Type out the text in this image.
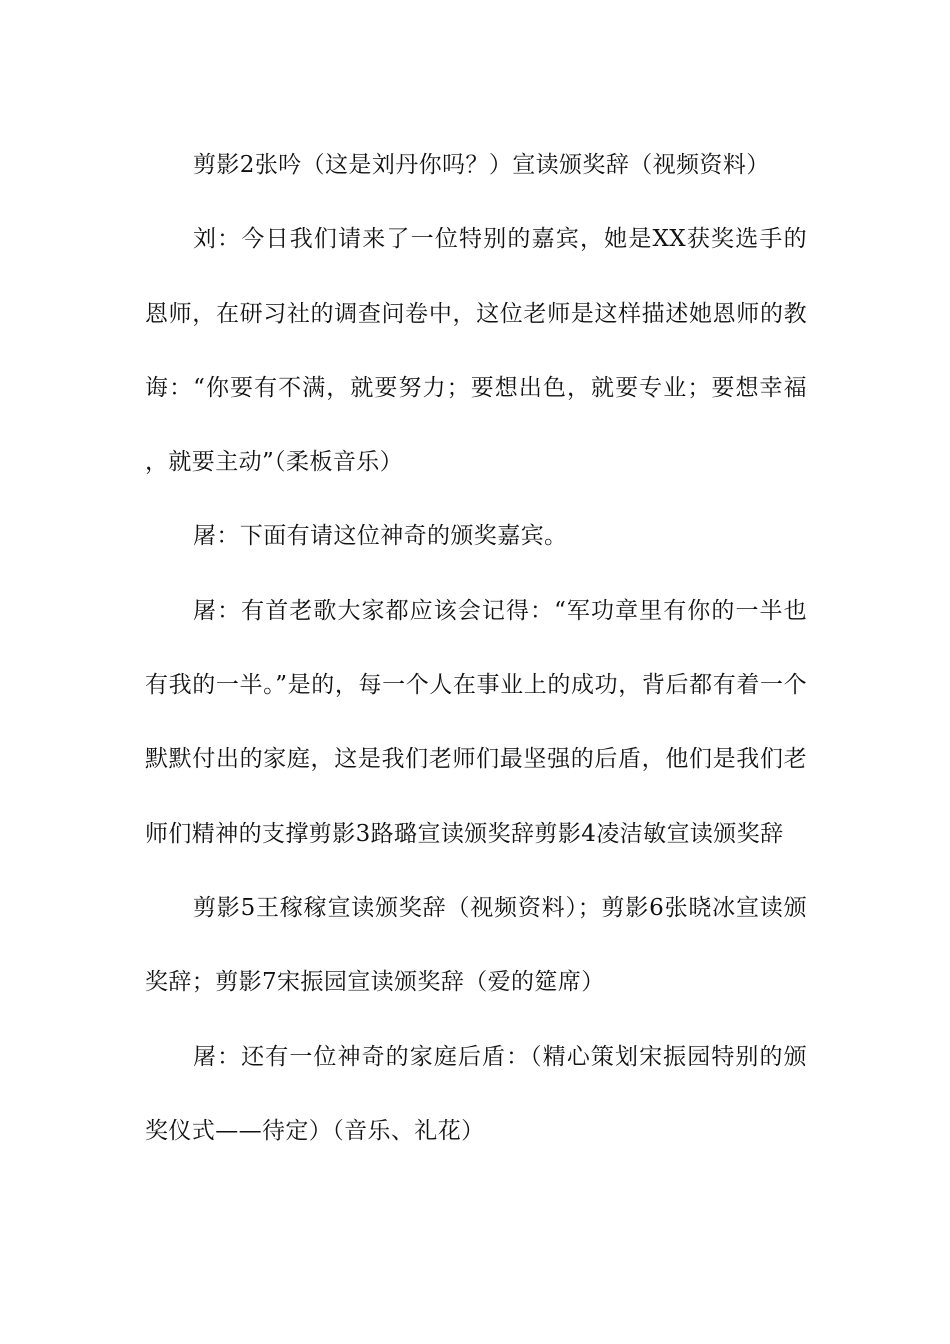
剪影2张吟（这是刘丹你吗？）宣读颁奖辞（视频资料）

刘：今日我们请来了一位特别的嘉宾，她是XX获奖选手的恩师，在研习社的调查问卷中，这位老师是这样描述她恩师的教诲：“你要有不满，就要努力；要想出色，就要专业；要想幸福，就要主动”（柔板音乐）

屠：下面有请这位神奇的颁奖嘉宾。

屠：有首老歌大家都应该会记得：“军功章里有你的一半也有我的一半。”是的，每一个人在事业上的成功，背后都有着一个默默付出的家庭，这是我们老师们最坚强的后盾，他们是我们老师们精神的支撑剪影3路璐宣读颁奖辞剪影4凌洁敏宣读颁奖辞

剪影5王稼稼宣读颁奖辞（视频资料）；剪影6张晓冰宣读颁奖辞；剪影7宋振园宣读颁奖辞（爱的筵席）

屠：还有一位神奇的家庭后盾：（精心策划宋振园特别的颁奖仪式——待定）（音乐、礼花）
